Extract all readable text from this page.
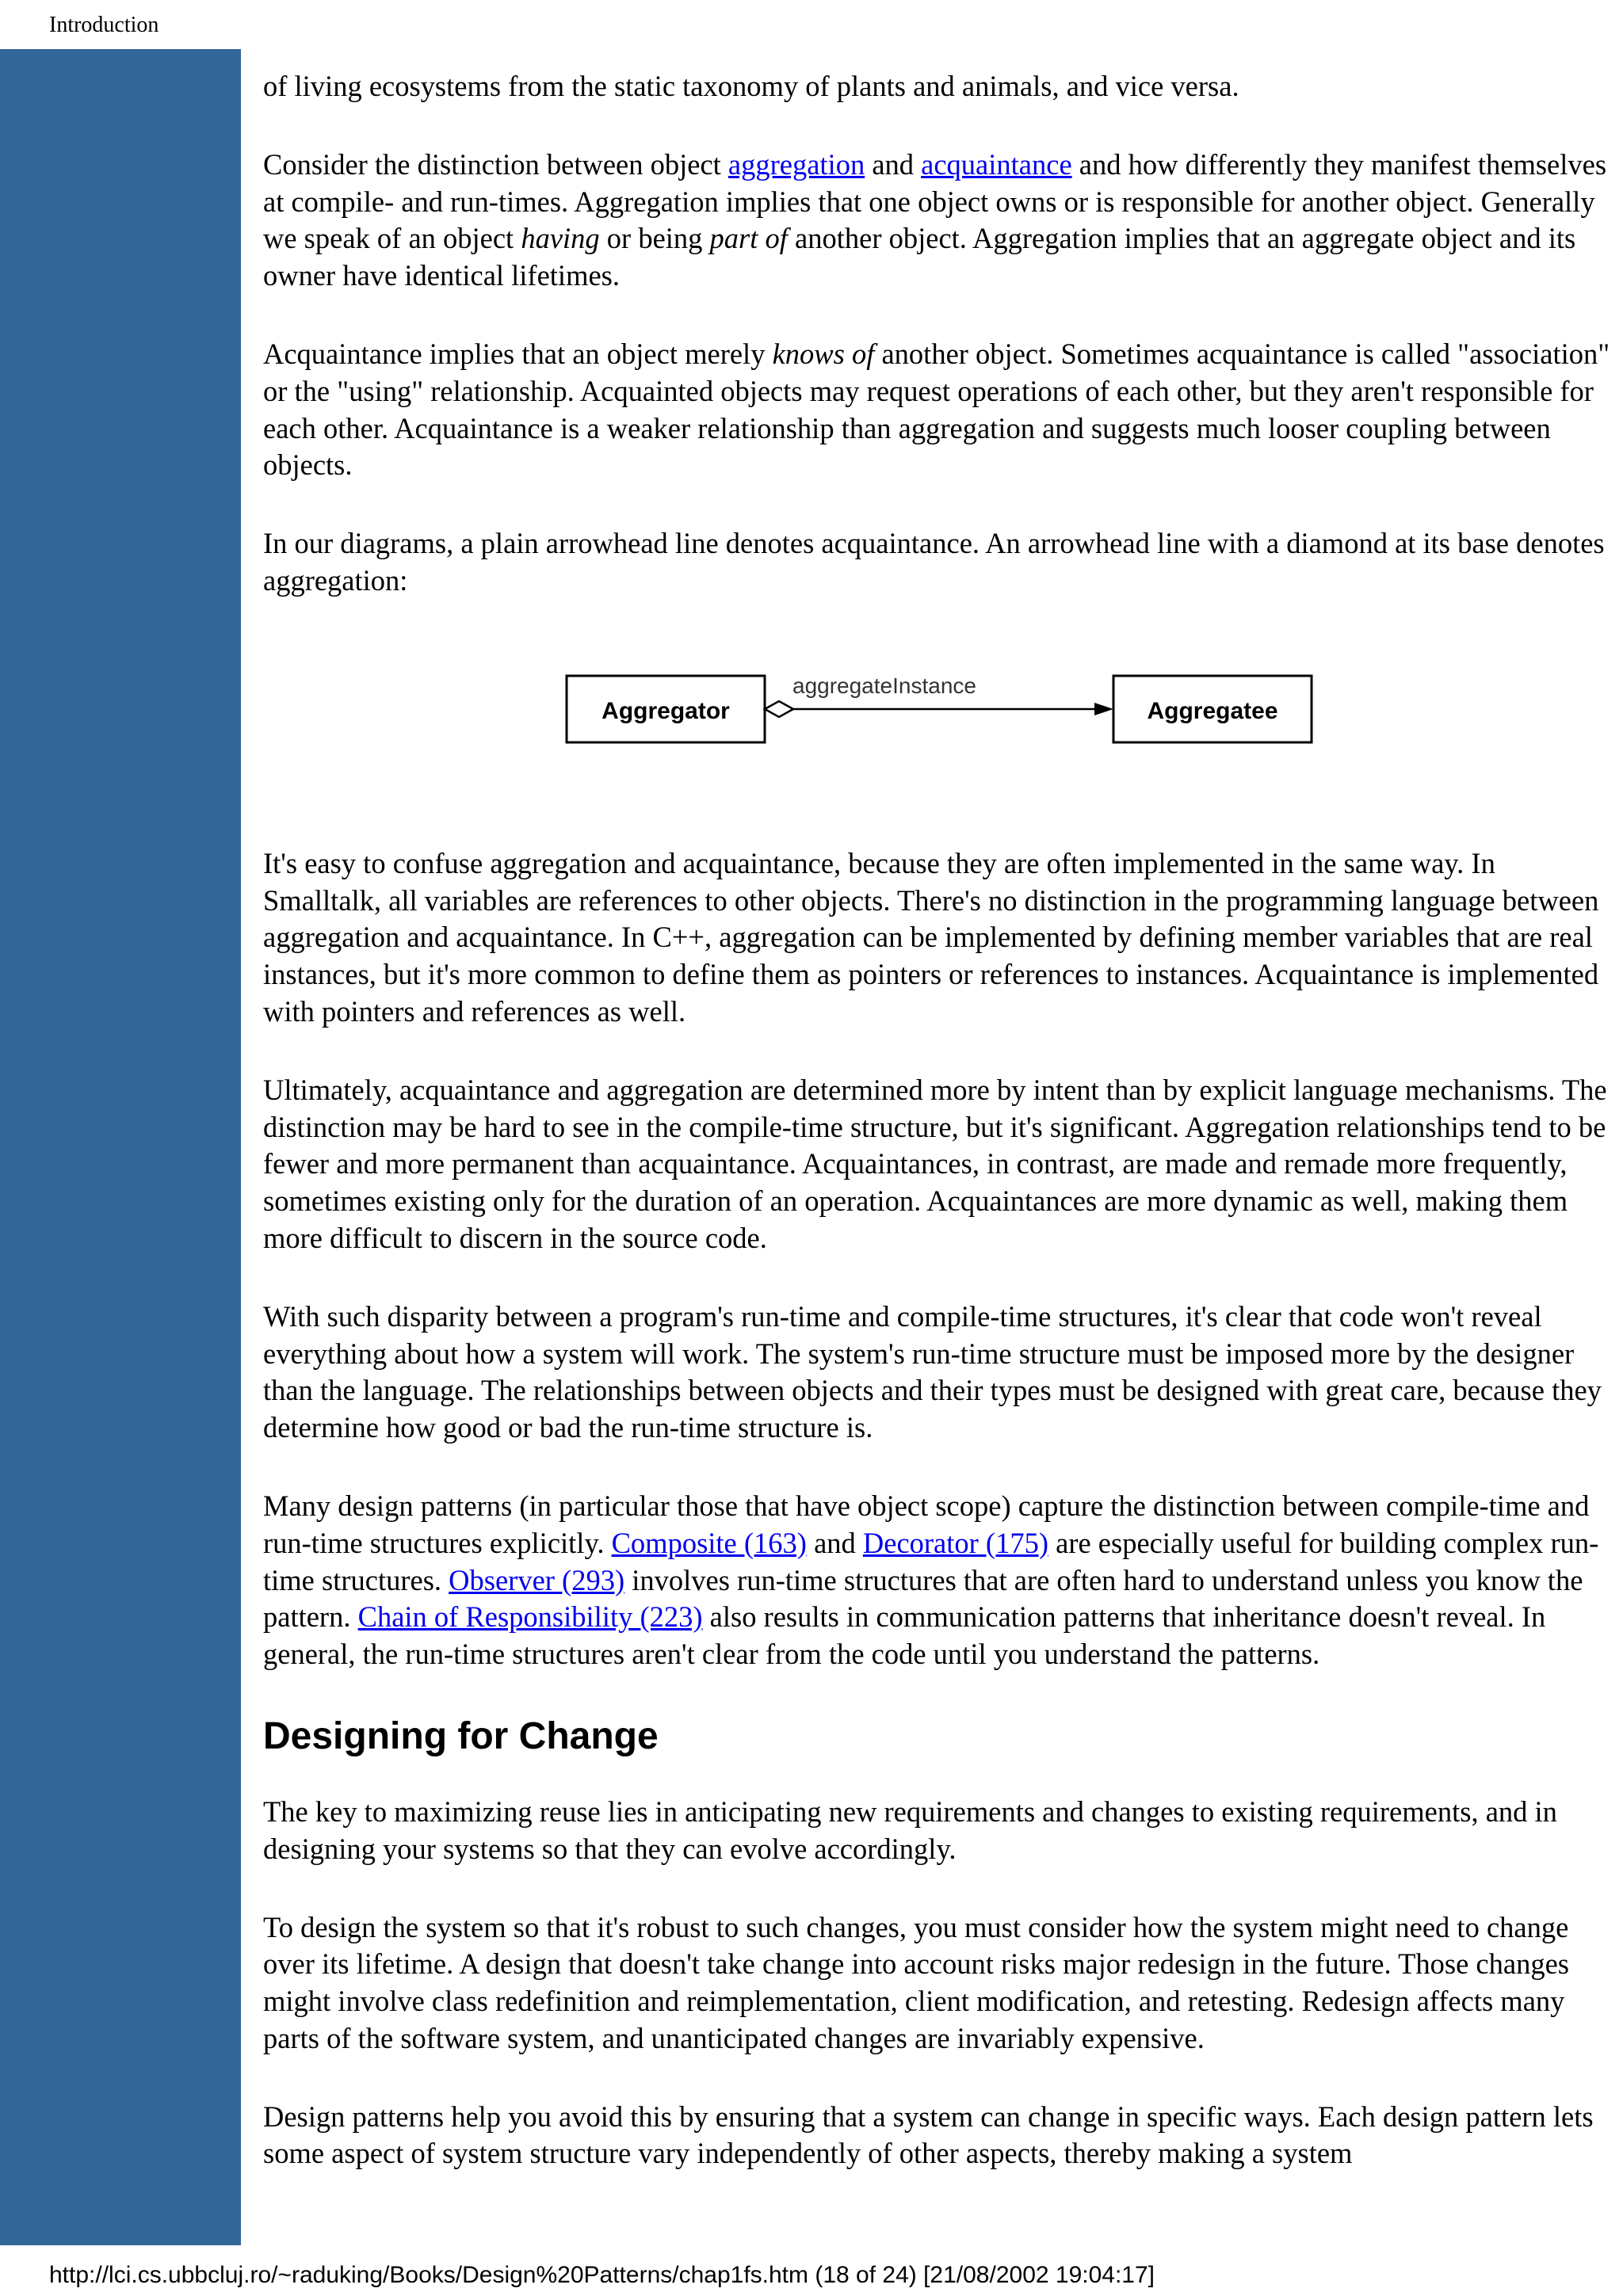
Introduction

of living ecosystems from the static taxonomy of plants and animals, and vice versa.

Consider the distinction between object aggregation and acquaintance and how differently they manifest themselves at compile- and run-times. Aggregation implies that one object owns or is responsible for another object. Generally we speak of an object having or being part of another object. Aggregation implies that an aggregate object and its owner have identical lifetimes.

Acquaintance implies that an object merely knows of another object. Sometimes acquaintance is called "association" or the "using" relationship. Acquainted objects may request operations of each other, but they aren't responsible for each other. Acquaintance is a weaker relationship than aggregation and suggests much looser coupling between objects.

In our diagrams, a plain arrowhead line denotes acquaintance. An arrowhead line with a diamond at its base denotes aggregation:

Aggregator
aggregateInstance
Aggregatee

It's easy to confuse aggregation and acquaintance, because they are often implemented in the same way. In Smalltalk, all variables are references to other objects. There's no distinction in the programming language between aggregation and acquaintance. In C++, aggregation can be implemented by defining member variables that are real instances, but it's more common to define them as pointers or references to instances. Acquaintance is implemented with pointers and references as well.

Ultimately, acquaintance and aggregation are determined more by intent than by explicit language mechanisms. The distinction may be hard to see in the compile-time structure, but it's significant. Aggregation relationships tend to be fewer and more permanent than acquaintance. Acquaintances, in contrast, are made and remade more frequently, sometimes existing only for the duration of an operation. Acquaintances are more dynamic as well, making them more difficult to discern in the source code.

With such disparity between a program's run-time and compile-time structures, it's clear that code won't reveal everything about how a system will work. The system's run-time structure must be imposed more by the designer than the language. The relationships between objects and their types must be designed with great care, because they determine how good or bad the run-time structure is.

Many design patterns (in particular those that have object scope) capture the distinction between compile-time and run-time structures explicitly. Composite (163) and Decorator (175) are especially useful for building complex run-time structures. Observer (293) involves run-time structures that are often hard to understand unless you know the pattern. Chain of Responsibility (223) also results in communication patterns that inheritance doesn't reveal. In general, the run-time structures aren't clear from the code until you understand the patterns.

Designing for Change

The key to maximizing reuse lies in anticipating new requirements and changes to existing requirements, and in designing your systems so that they can evolve accordingly.

To design the system so that it's robust to such changes, you must consider how the system might need to change over its lifetime. A design that doesn't take change into account risks major redesign in the future. Those changes might involve class redefinition and reimplementation, client modification, and retesting. Redesign affects many parts of the software system, and unanticipated changes are invariably expensive.

Design patterns help you avoid this by ensuring that a system can change in specific ways. Each design pattern lets some aspect of system structure vary independently of other aspects, thereby making a system

http://lci.cs.ubbcluj.ro/~raduking/Books/Design%20Patterns/chap1fs.htm (18 of 24) [21/08/2002 19:04:17]
